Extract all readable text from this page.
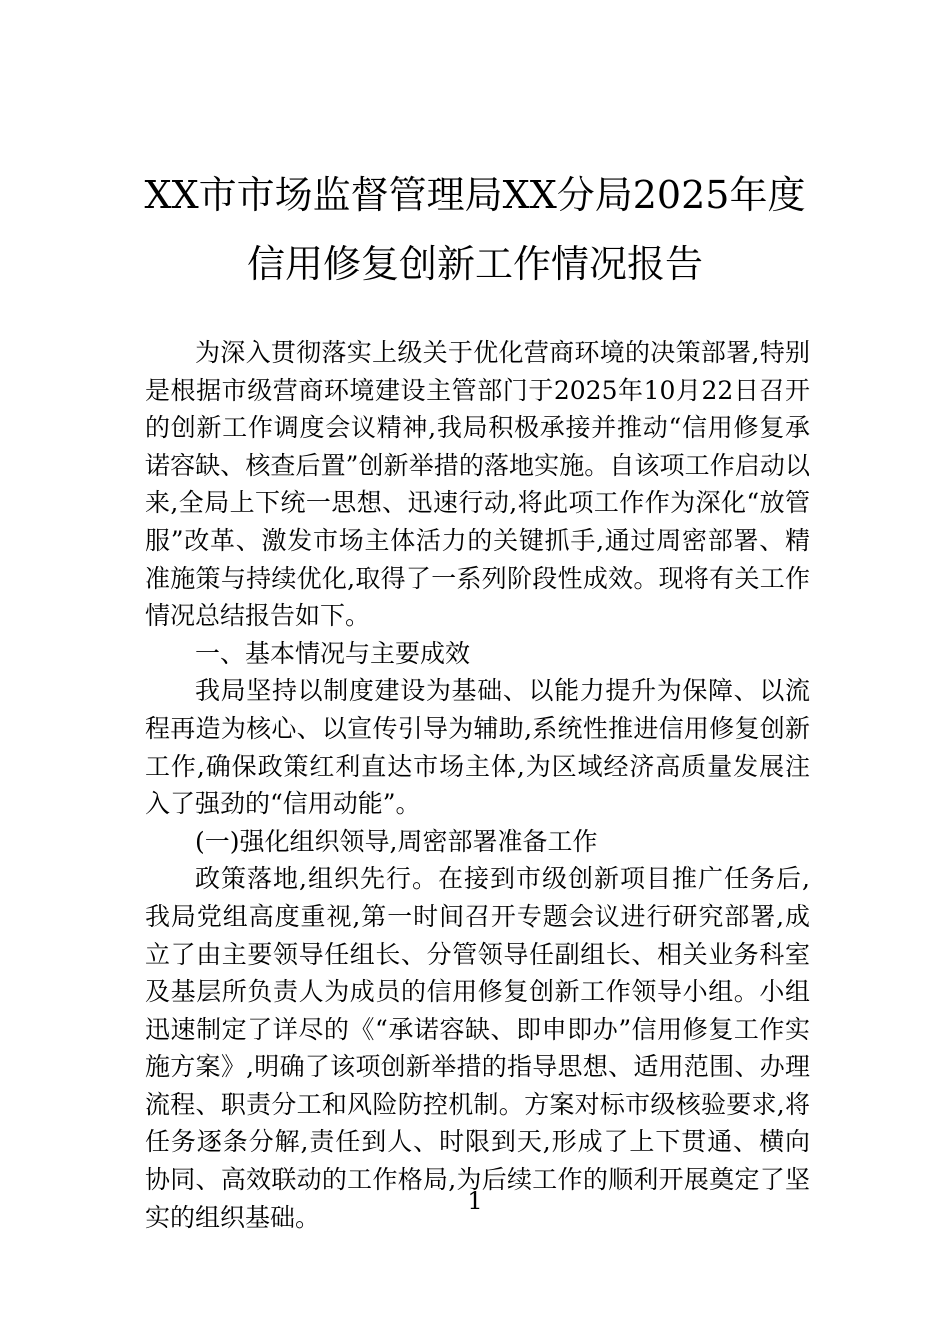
XX市市场监督管理局XX分局2025年度
信用修复创新工作情况报告

为深入贯彻落实上级关于优化营商环境的决策部署,特别是根据市级营商环境建设主管部门于2025年10月22日召开的创新工作调度会议精神,我局积极承接并推动“信用修复承诺容缺、核查后置”创新举措的落地实施。自该项工作启动以来,全局上下统一思想、迅速行动,将此项工作作为深化“放管服”改革、激发市场主体活力的关键抓手,通过周密部署、精准施策与持续优化,取得了一系列阶段性成效。现将有关工作情况总结报告如下。

一、基本情况与主要成效

我局坚持以制度建设为基础、以能力提升为保障、以流程再造为核心、以宣传引导为辅助,系统性推进信用修复创新工作,确保政策红利直达市场主体,为区域经济高质量发展注入了强劲的“信用动能”。

(一)强化组织领导,周密部署准备工作

政策落地,组织先行。在接到市级创新项目推广任务后,我局党组高度重视,第一时间召开专题会议进行研究部署,成立了由主要领导任组长、分管领导任副组长、相关业务科室及基层所负责人为成员的信用修复创新工作领导小组。小组迅速制定了详尽的《“承诺容缺、即申即办”信用修复工作实施方案》,明确了该项创新举措的指导思想、适用范围、办理流程、职责分工和风险防控机制。方案对标市级核验要求,将任务逐条分解,责任到人、时限到天,形成了上下贯通、横向协同、高效联动的工作格局,为后续工作的顺利开展奠定了坚实的组织基础。

1
